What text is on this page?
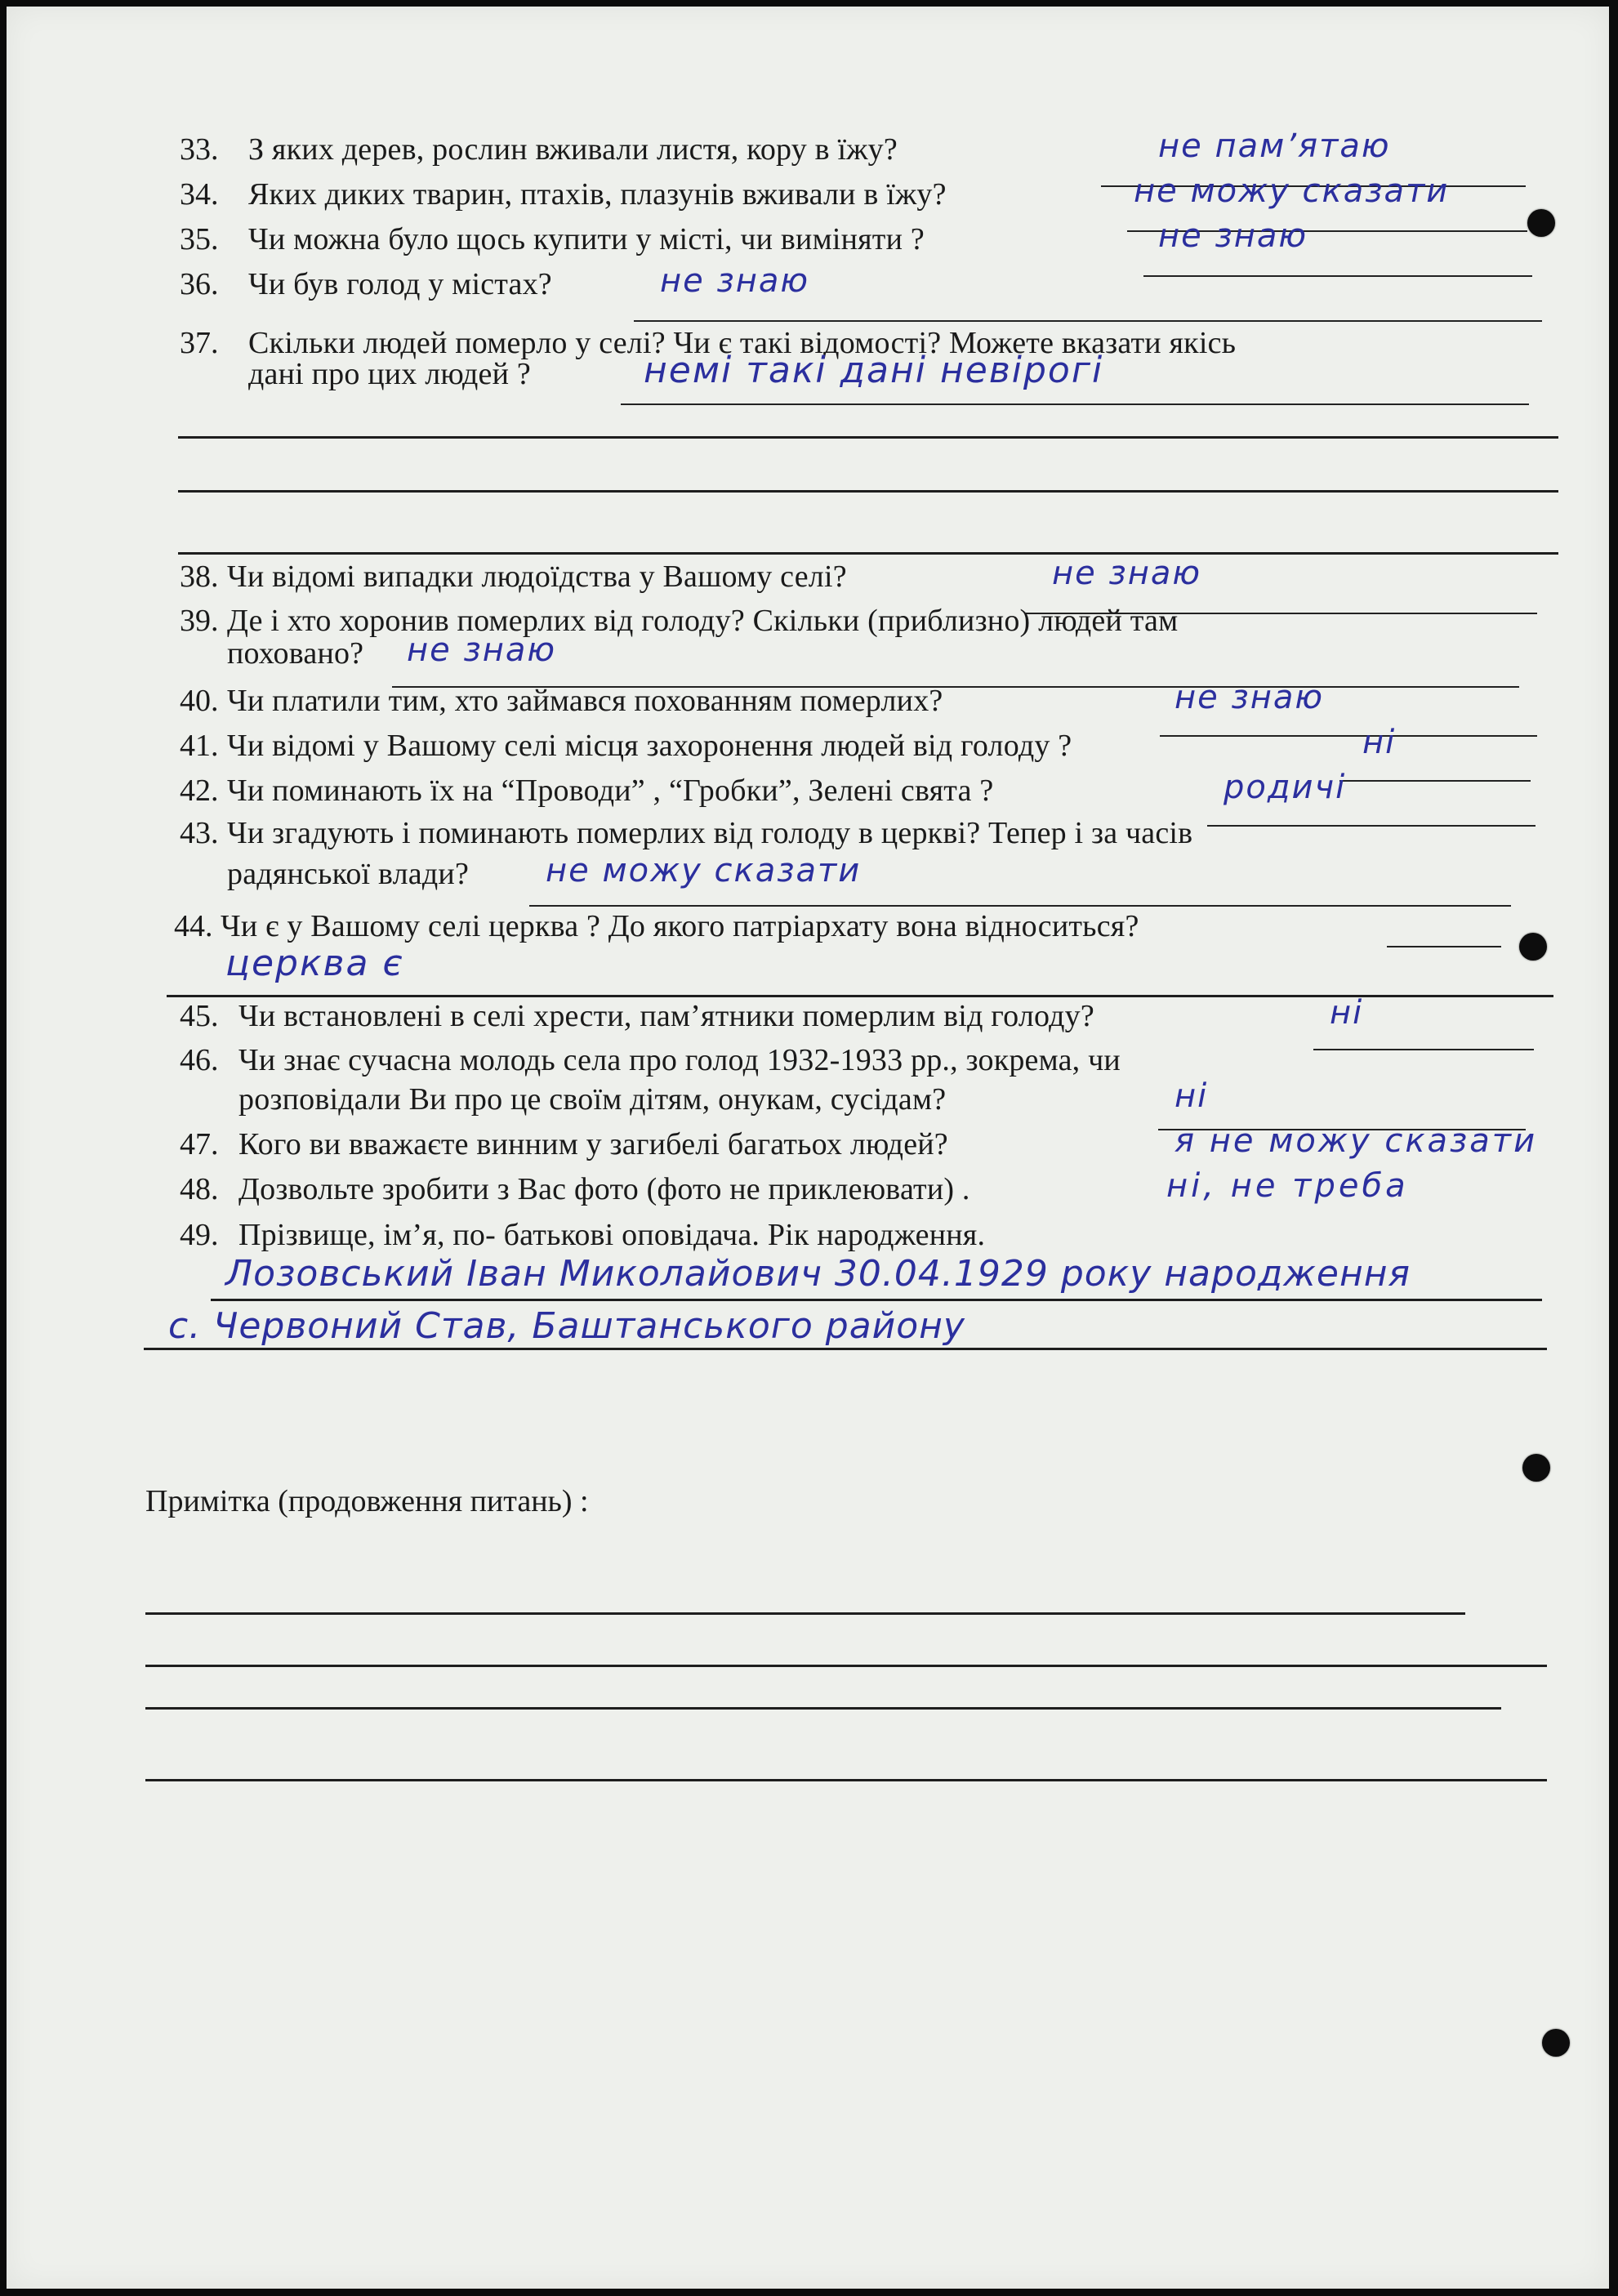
33. З яких дерев, рослин вживали листя, кору в їжу?	не пам’ятаю
34. Яких диких тварин, птахів, плазунів вживали в їжу?	не можу сказати
35. Чи можна було щось купити у місті, чи виміняти ?	не знаю
36. Чи був голод у містах?	не знаю
37. Скільки людей померло у селі? Чи є такі відомості? Можете вказати якісь
дані про цих людей ?	немі такі дані невірогі
38. Чи відомі випадки людоїдства у Вашому селі?	не знаю
39. Де і хто хоронив померлих від голоду? Скільки (приблизно) людей там
поховано? не знаю
40. Чи платили тим, хто займався похованням померлих?	не знаю
41. Чи відомі у Вашому селі місця захоронення людей від голоду ?	ні
42. Чи поминають їх на “Проводи” , “Гробки”, Зелені свята ?	родичі
43. Чи згадують і поминають померлих від голоду в церкві? Тепер і за часів
радянської влади? не можу сказати
44. Чи є у Вашому селі церква ? До якого патріархату вона відноситься?
церква є
45. Чи встановлені в селі хрести, пам’ятники померлим від голоду?	ні
46. Чи знає сучасна молодь села про голод 1932-1933 рр., зокрема, чи
розповідали Ви про це своїм дітям, онукам, сусідам?	ні
47. Кого ви вважаєте винним у загибелі багатьох людей?	я не можу сказати
48. Дозвольте зробити з Вас фото (фото не приклеювати) .	ні, не треба
49. Прізвище, ім’я, по- батькові оповідача. Рік народження.
Лозовський Іван Миколайович 30.04.1929 року народження
с. Червоний Став, Баштанського району
Примітка (продовження питань) :
